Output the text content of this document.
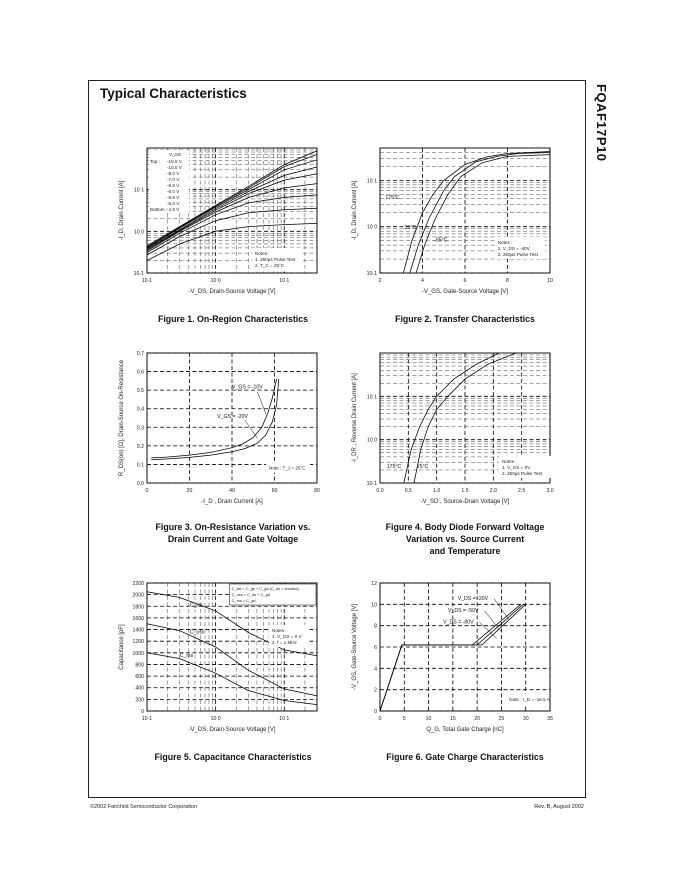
Typical Characteristics	FQAF17P10
©2002 Fairchild Semiconductor Corporation	Rev. B, August 2002
10-1	10 0	10 1
10-1
10 0
10 1
-V_DS, Drain-Source Voltage [V]
-I_D, Drain Current [A]
V_GS
Top :
Bottom :
-15.0 V
-10.0 V
-8.0 V
-7.0 V
-6.5 V
-6.0 V
-5.5 V
-5.0 V
-4.5 V
Notes :
1. 250μs Pulse Test
2. T_C = 25°C
2	4	6	8	10
10-1
10 0
10 1
-V_GS, Gate-Source Voltage [V]
-I_D, Drain Current [A]	175°C
25°C
-55°C	Notes :
1. V_DS = -40V
2. 250μs Pulse Test
0	20	40	60	80
0.0
0.1
0.2
0.3
0.4
0.5
0.6
0.7
-I_D , Drain Current [A]
R_DS(on) [Ω], Drain-Source On-Resistance	V_GS = -10V
V_GS = -20V
Note : T_J = 25°C
0.0	0.5	1.0	1.5	2.0	2.5	3.0
10-1
10 0
10 1
-V_SD , Source-Drain Voltage [V]
-I_DR , Reverse Drain Current [A]
175°C	25°C
Notes :
1. V_GS = 0V
2. 250μs Pulse Test
10-1	10 0	10 1
0
200
400
600
800
1000
1200
1400
1600
1800
2000
2200
-V_DS, Drain-Source Voltage [V]
Capacitance [pF]
C_iss = C_gs + C_gd (C_ds = shorted)
C_oss = C_ds + C_gd
C_rss = C_gd
C_iss
C_oss
C_rss
Notes :
1. V_GS = 0 V
2. f = 1 MHz
0	5	10	15	20	25	30	35
0
2
4
6
8
10
12
Q_G, Total Gate Charge [nC]
-V_GS, Gate-Source Voltage [V]
V_DS = -20V
V_DS = -50V
V_DS = -80V
Note : I_D = -16.5 A
Figure 1. On-Region Characteristics	Figure 2. Transfer Characteristics
Figure 3. On-Resistance Variation vs.
Drain Current and Gate Voltage
Figure 4. Body Diode Forward Voltage
Variation vs. Source Current
and Temperature
Figure 5. Capacitance Characteristics	Figure 6. Gate Charge Characteristics
